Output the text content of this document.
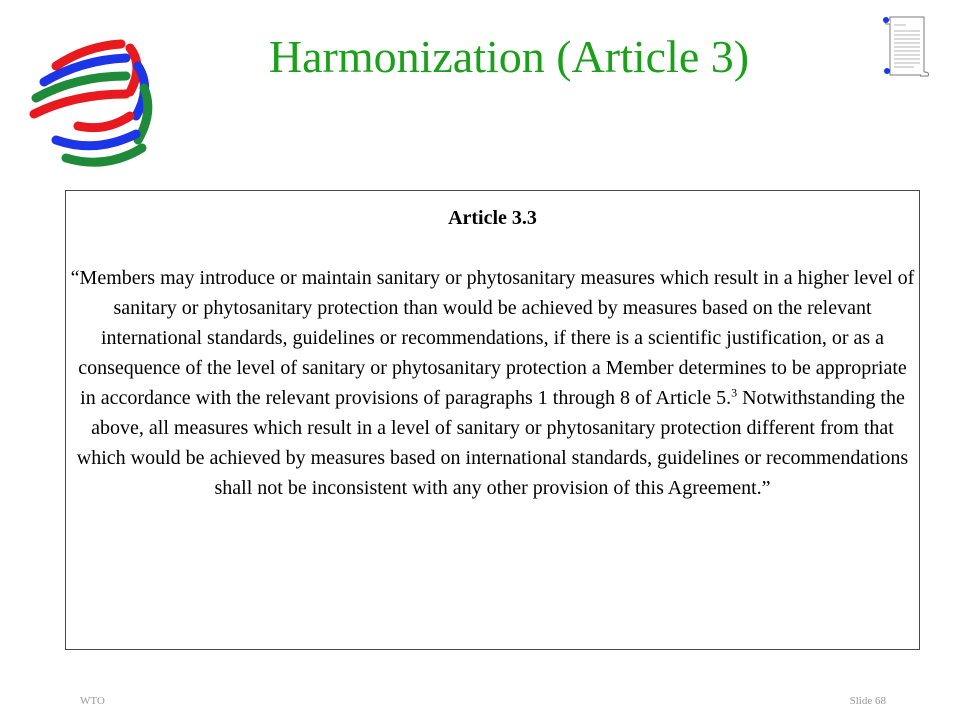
Harmonization (Article 3)
Article 3.3
“Members may introduce or maintain sanitary or phytosanitary measures which result in a higher level of sanitary or phytosanitary protection than would be achieved by measures based on the relevant international standards, guidelines or recommendations, if there is a scientific justification, or as a consequence of the level of sanitary or phytosanitary protection a Member determines to be appropriate in accordance with the relevant provisions of paragraphs 1 through 8 of Article 5.$^3$ Notwithstanding the above, all measures which result in a level of sanitary or phytosanitary protection different from that which would be achieved by measures based on international standards, guidelines or recommendations shall not be inconsistent with any other provision of this Agreement.”
WTO	Slide 68
